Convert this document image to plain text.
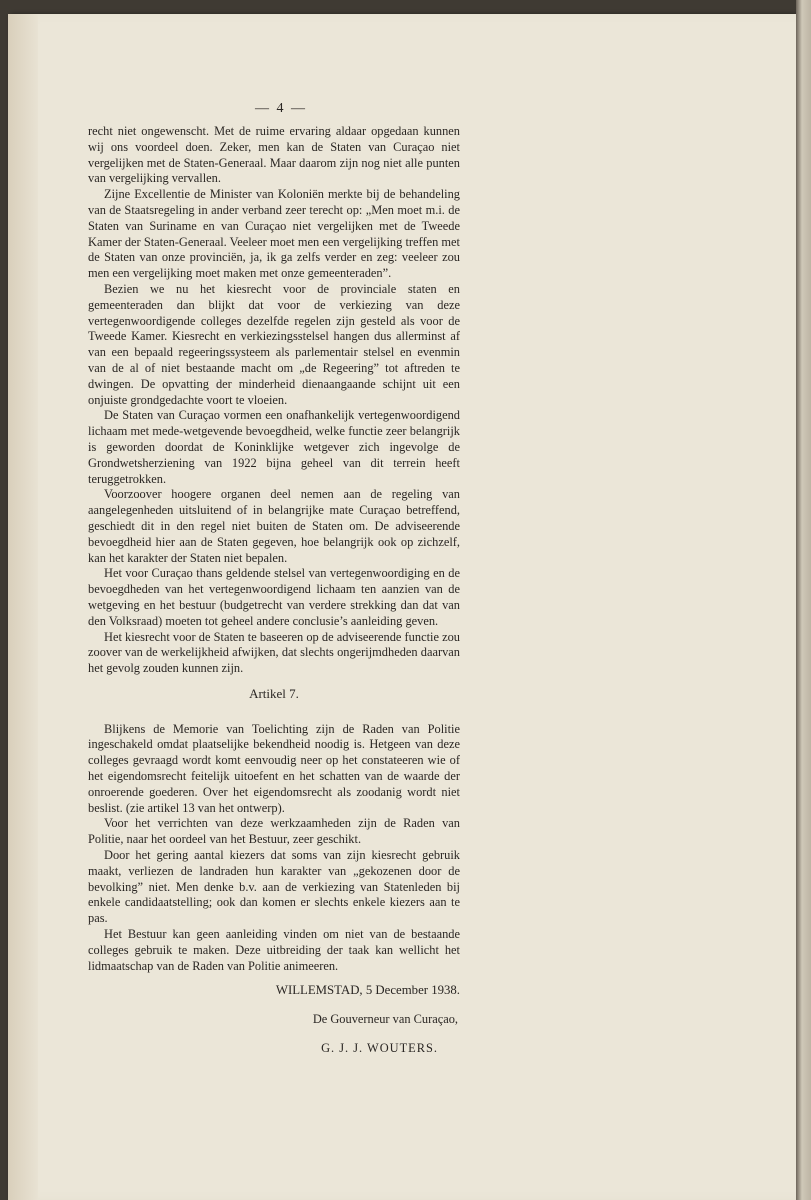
— 4 —

recht niet ongewenscht. Met de ruime ervaring aldaar opgedaan kunnen wij ons voordeel doen. Zeker, men kan de Staten van Curaçao niet vergelijken met de Staten-Generaal. Maar daarom zijn nog niet alle punten van vergelijking vervallen.

Zijne Excellentie de Minister van Koloniën merkte bij de behandeling van de Staatsregeling in ander verband zeer terecht op: „Men moet m.i. de Staten van Suriname en van Curaçao niet vergelijken met de Tweede Kamer der Staten-Generaal. Veeleer moet men een vergelijking treffen met de Staten van onze provinciën, ja, ik ga zelfs verder en zeg: veeleer zou men een vergelijking moet maken met onze gemeenteraden”.

Bezien we nu het kiesrecht voor de provinciale staten en gemeenteraden dan blijkt dat voor de verkiezing van deze vertegenwoordigende colleges dezelfde regelen zijn gesteld als voor de Tweede Kamer. Kiesrecht en verkiezingsstelsel hangen dus allerminst af van een bepaald regeeringssysteem als parlementair stelsel en evenmin van de al of niet bestaande macht om „de Regeering” tot aftreden te dwingen. De opvatting der minderheid dienaangaande schijnt uit een onjuiste grondgedachte voort te vloeien.

De Staten van Curaçao vormen een onafhankelijk vertegenwoordigend lichaam met mede-wetgevende bevoegdheid, welke functie zeer belangrijk is geworden doordat de Koninklijke wetgever zich ingevolge de Grondwetsherziening van 1922 bijna geheel van dit terrein heeft teruggetrokken.

Voorzoover hoogere organen deel nemen aan de regeling van aangelegenheden uitsluitend of in belangrijke mate Curaçao betreffend, geschiedt dit in den regel niet buiten de Staten om. De adviseerende bevoegdheid hier aan de Staten gegeven, hoe belangrijk ook op zichzelf, kan het karakter der Staten niet bepalen.

Het voor Curaçao thans geldende stelsel van vertegenwoordiging en de bevoegdheden van het vertegenwoordigend lichaam ten aanzien van de wetgeving en het bestuur (budgetrecht van verdere strekking dan dat van den Volksraad) moeten tot geheel andere conclusie’s aanleiding geven.

Het kiesrecht voor de Staten te baseeren op de adviseerende functie zou zoover van de werkelijkheid afwijken, dat slechts ongerijmdheden daarvan het gevolg zouden kunnen zijn.

Artikel 7.

Blijkens de Memorie van Toelichting zijn de Raden van Politie ingeschakeld omdat plaatselijke bekendheid noodig is. Hetgeen van deze colleges gevraagd wordt komt eenvoudig neer op het constateeren wie of het eigendomsrecht feitelijk uitoefent en het schatten van de waarde der onroerende goederen. Over het eigendomsrecht als zoodanig wordt niet beslist. (zie artikel 13 van het ontwerp).

Voor het verrichten van deze werkzaamheden zijn de Raden van Politie, naar het oordeel van het Bestuur, zeer geschikt.

Door het gering aantal kiezers dat soms van zijn kiesrecht gebruik maakt, verliezen de landraden hun karakter van „gekozenen door de bevolking” niet. Men denke b.v. aan de verkiezing van Statenleden bij enkele candidaatstelling; ook dan komen er slechts enkele kiezers aan te pas.

Het Bestuur kan geen aanleiding vinden om niet van de bestaande colleges gebruik te maken. Deze uitbreiding der taak kan wellicht het lidmaatschap van de Raden van Politie animeeren.

WILLEMSTAD, 5 December 1938.

De Gouverneur van Curaçao,

G. J. J. WOUTERS.
